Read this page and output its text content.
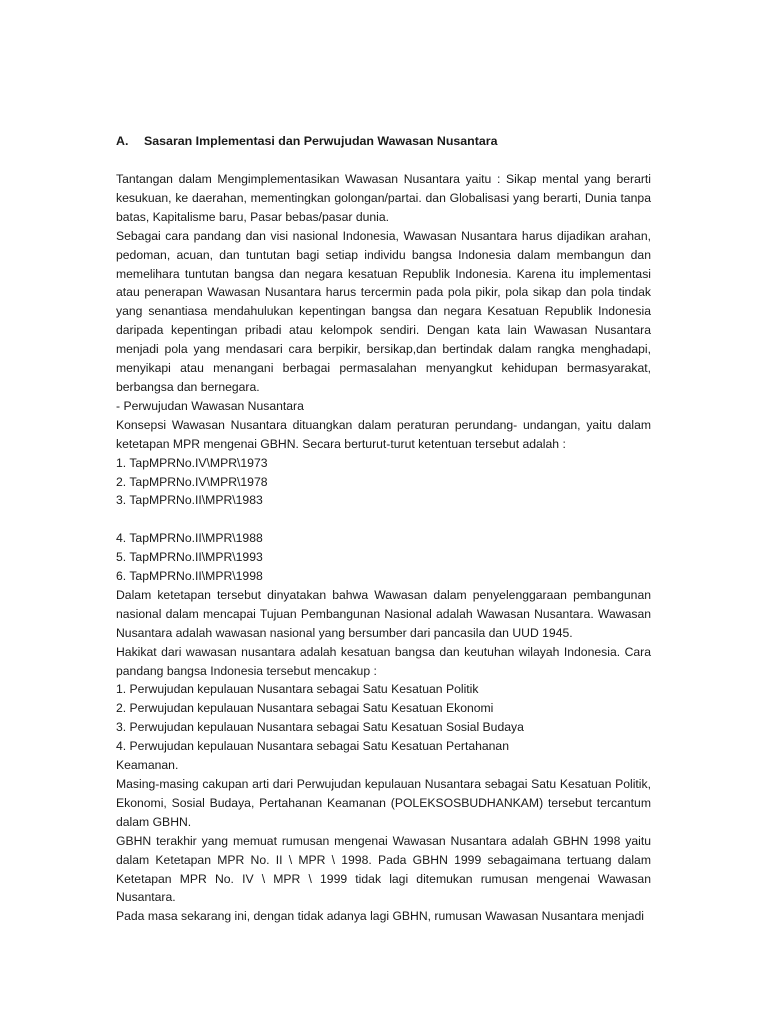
A. Sasaran Implementasi dan Perwujudan Wawasan Nusantara

Tantangan dalam Mengimplementasikan Wawasan Nusantara yaitu : Sikap mental yang berarti kesukuan, ke daerahan, mementingkan golongan/partai. dan Globalisasi yang berarti, Dunia tanpa batas, Kapitalisme baru, Pasar bebas/pasar dunia.

Sebagai cara pandang dan visi nasional Indonesia, Wawasan Nusantara harus dijadikan arahan, pedoman, acuan, dan tuntutan bagi setiap individu bangsa Indonesia dalam membangun dan memelihara tuntutan bangsa dan negara kesatuan Republik Indonesia. Karena itu implementasi atau penerapan Wawasan Nusantara harus tercermin pada pola pikir, pola sikap dan pola tindak yang senantiasa mendahulukan kepentingan bangsa dan negara Kesatuan Republik Indonesia daripada kepentingan pribadi atau kelompok sendiri. Dengan kata lain Wawasan Nusantara menjadi pola yang mendasari cara berpikir, bersikap,dan bertindak dalam rangka menghadapi, menyikapi atau menangani berbagai permasalahan menyangkut kehidupan bermasyarakat, berbangsa dan bernegara.

- Perwujudan Wawasan Nusantara

Konsepsi Wawasan Nusantara dituangkan dalam peraturan perundang- undangan, yaitu dalam ketetapan MPR mengenai GBHN. Secara berturut-turut ketentuan tersebut adalah :

1. TapMPRNo.IV\MPR\1973
2. TapMPRNo.IV\MPR\1978
3. TapMPRNo.II\MPR\1983
4. TapMPRNo.II\MPR\1988
5. TapMPRNo.II\MPR\1993
6. TapMPRNo.II\MPR\1998

Dalam ketetapan tersebut dinyatakan bahwa Wawasan dalam penyelenggaraan pembangunan nasional dalam mencapai Tujuan Pembangunan Nasional adalah Wawasan Nusantara. Wawasan Nusantara adalah wawasan nasional yang bersumber dari pancasila dan UUD 1945.

Hakikat dari wawasan nusantara adalah kesatuan bangsa dan keutuhan wilayah Indonesia. Cara pandang bangsa Indonesia tersebut mencakup :

1. Perwujudan kepulauan Nusantara sebagai Satu Kesatuan Politik
2. Perwujudan kepulauan Nusantara sebagai Satu Kesatuan Ekonomi
3. Perwujudan kepulauan Nusantara sebagai Satu Kesatuan Sosial Budaya
4. Perwujudan kepulauan Nusantara sebagai Satu Kesatuan Pertahanan

Keamanan.

Masing-masing cakupan arti dari Perwujudan kepulauan Nusantara sebagai Satu Kesatuan Politik, Ekonomi, Sosial Budaya, Pertahanan Keamanan (POLEKSOSBUDHANKAM) tersebut tercantum dalam GBHN.

GBHN terakhir yang memuat rumusan mengenai Wawasan Nusantara adalah GBHN 1998 yaitu dalam Ketetapan MPR No. II \ MPR \ 1998. Pada GBHN 1999 sebagaimana tertuang dalam Ketetapan MPR No. IV \ MPR \ 1999 tidak lagi ditemukan rumusan mengenai Wawasan Nusantara.

Pada masa sekarang ini, dengan tidak adanya lagi GBHN, rumusan Wawasan Nusantara menjadi
